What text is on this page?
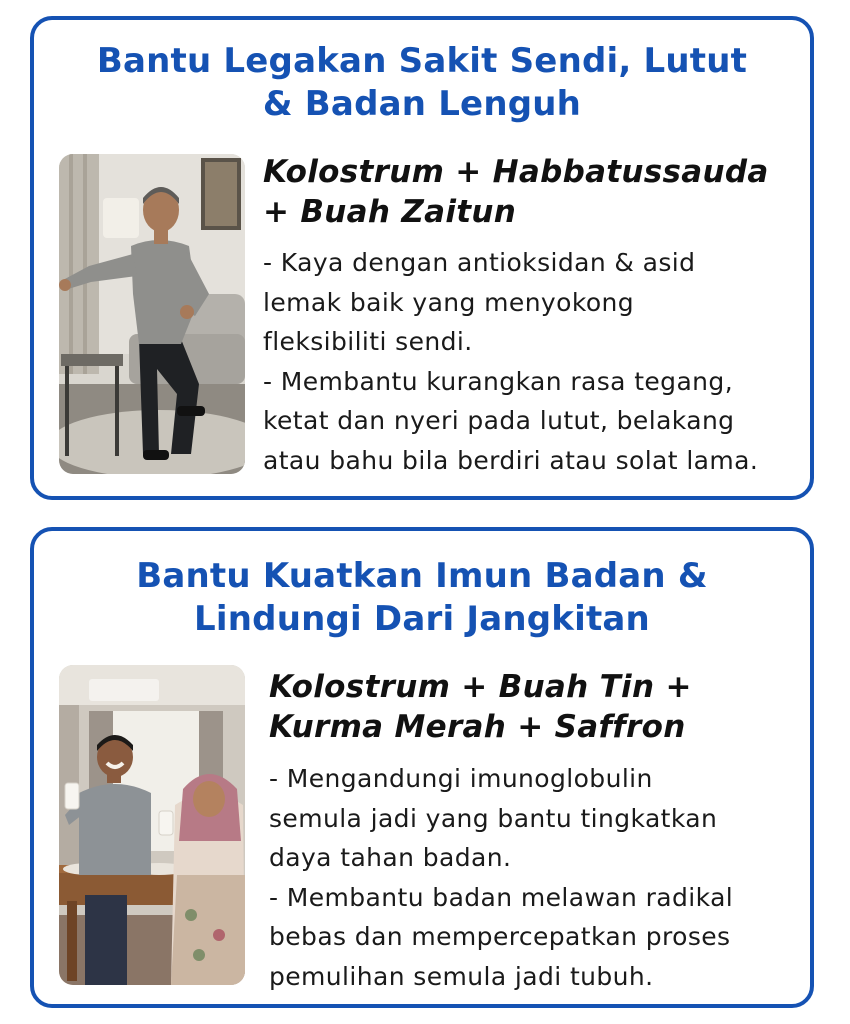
Bantu Legakan Sakit Sendi, Lutut
& Badan Lenguh
Kolostrum + Habbatussauda
+ Buah Zaitun
- Kaya dengan antioksidan & asid
lemak baik yang menyokong
fleksibiliti sendi.
- Membantu kurangkan rasa tegang,
ketat dan nyeri pada lutut, belakang
atau bahu bila berdiri atau solat lama.
Bantu Kuatkan Imun Badan &
Lindungi Dari Jangkitan
Kolostrum + Buah Tin +
Kurma Merah + Saffron
- Mengandungi imunoglobulin
semula jadi yang bantu tingkatkan
daya tahan badan.
- Membantu badan melawan radikal
bebas dan mempercepatkan proses
pemulihan semula jadi tubuh.
